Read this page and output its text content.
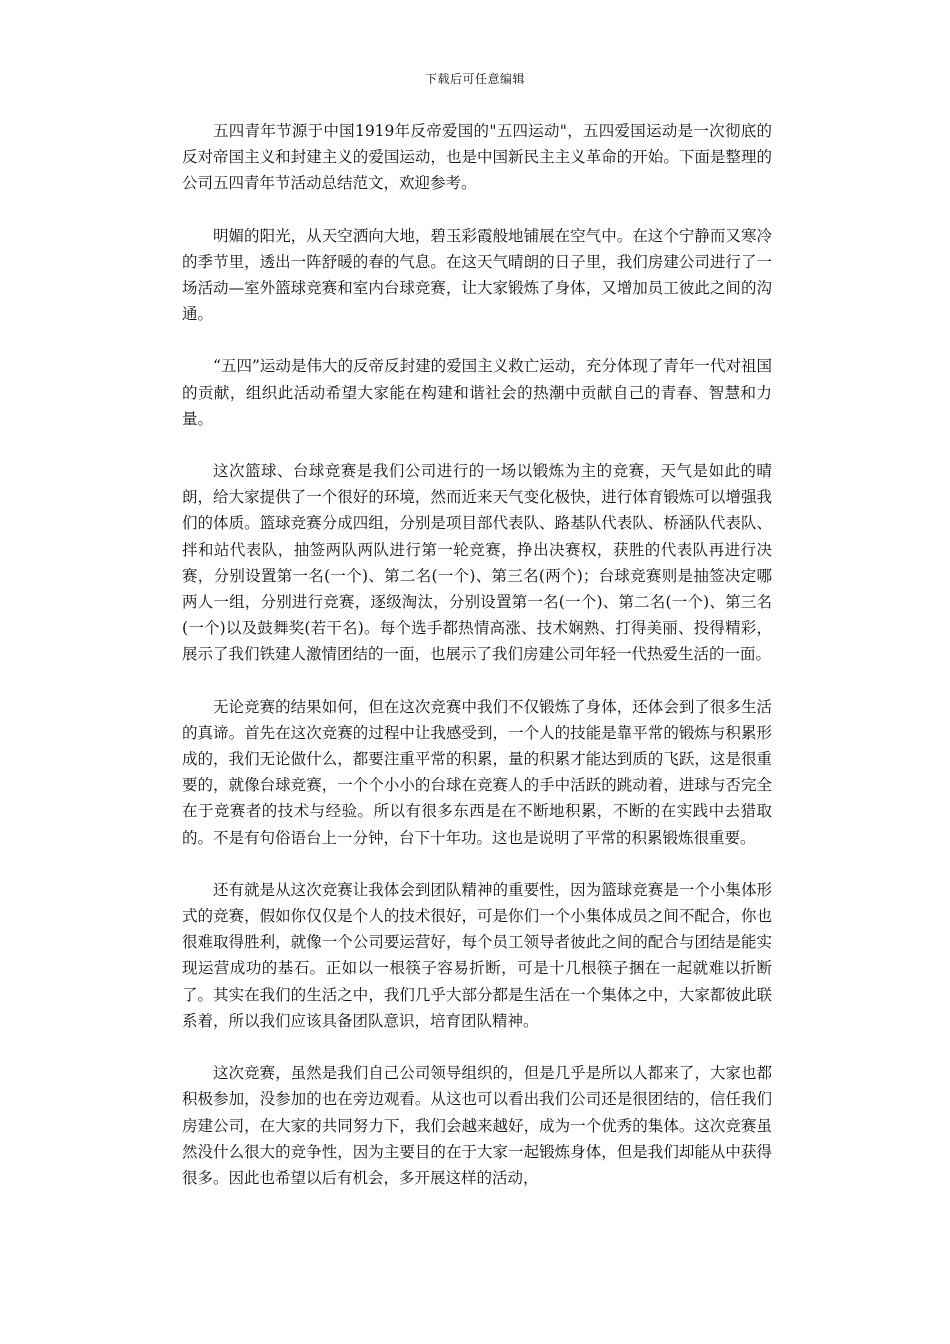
下载后可任意编辑

五四青年节源于中国1919年反帝爱国的"五四运动"，五四爱国运动是一次彻底的反对帝国主义和封建主义的爱国运动，也是中国新民主主义革命的开始。下面是整理的公司五四青年节活动总结范文，欢迎参考。

明媚的阳光，从天空洒向大地，碧玉彩霞般地铺展在空气中。在这个宁静而又寒冷的季节里，透出一阵舒暖的春的气息。在这天气晴朗的日子里，我们房建公司进行了一场活动—室外篮球竞赛和室内台球竞赛，让大家锻炼了身体，又增加员工彼此之间的沟通。

“五四”运动是伟大的反帝反封建的爱国主义救亡运动，充分体现了青年一代对祖国的贡献，组织此活动希望大家能在构建和谐社会的热潮中贡献自己的青春、智慧和力量。

这次篮球、台球竞赛是我们公司进行的一场以锻炼为主的竞赛，天气是如此的晴朗，给大家提供了一个很好的环境，然而近来天气变化极快，进行体育锻炼可以增强我们的体质。篮球竞赛分成四组，分别是项目部代表队、路基队代表队、桥涵队代表队、拌和站代表队，抽签两队两队进行第一轮竞赛，挣出决赛权，获胜的代表队再进行决赛，分别设置第一名(一个)、第二名(一个)、第三名(两个)；台球竞赛则是抽签决定哪两人一组，分别进行竞赛，逐级淘汰，分别设置第一名(一个)、第二名(一个)、第三名(一个)以及鼓舞奖(若干名)。每个选手都热情高涨、技术娴熟、打得美丽、投得精彩，展示了我们铁建人激情团结的一面，也展示了我们房建公司年轻一代热爱生活的一面。

无论竞赛的结果如何，但在这次竞赛中我们不仅锻炼了身体，还体会到了很多生活的真谛。首先在这次竞赛的过程中让我感受到，一个人的技能是靠平常的锻炼与积累形成的，我们无论做什么，都要注重平常的积累，量的积累才能达到质的飞跃，这是很重要的，就像台球竞赛，一个个小小的台球在竞赛人的手中活跃的跳动着，进球与否完全在于竞赛者的技术与经验。所以有很多东西是在不断地积累，不断的在实践中去猎取的。不是有句俗语台上一分钟，台下十年功。这也是说明了平常的积累锻炼很重要。

还有就是从这次竞赛让我体会到团队精神的重要性，因为篮球竞赛是一个小集体形式的竞赛，假如你仅仅是个人的技术很好，可是你们一个小集体成员之间不配合，你也很难取得胜利，就像一个公司要运营好，每个员工领导者彼此之间的配合与团结是能实现运营成功的基石。正如以一根筷子容易折断，可是十几根筷子捆在一起就难以折断了。其实在我们的生活之中，我们几乎大部分都是生活在一个集体之中，大家都彼此联系着，所以我们应该具备团队意识，培育团队精神。

这次竞赛，虽然是我们自己公司领导组织的，但是几乎是所以人都来了，大家也都积极参加，没参加的也在旁边观看。从这也可以看出我们公司还是很团结的，信任我们房建公司，在大家的共同努力下，我们会越来越好，成为一个优秀的集体。这次竞赛虽然没什么很大的竞争性，因为主要目的在于大家一起锻炼身体，但是我们却能从中获得很多。因此也希望以后有机会，多开展这样的活动，
